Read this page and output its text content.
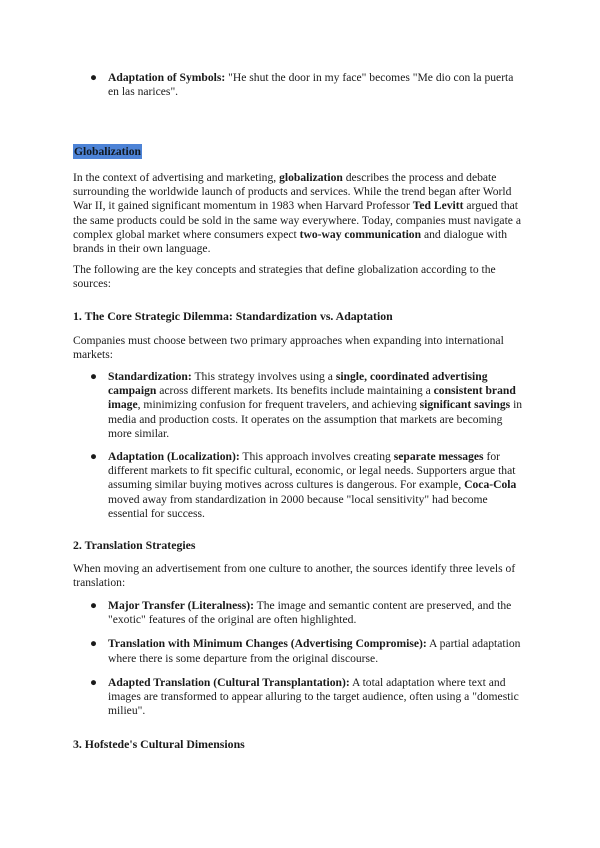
● Adaptation of Symbols: "He shut the door in my face" becomes "Me dio con la puerta en las narices".
Globalization

In the context of advertising and marketing, globalization describes the process and debate surrounding the worldwide launch of products and services. While the trend began after World War II, it gained significant momentum in 1983 when Harvard Professor Ted Levitt argued that the same products could be sold in the same way everywhere. Today, companies must navigate a complex global market where consumers expect two-way communication and dialogue with brands in their own language.

The following are the key concepts and strategies that define globalization according to the sources:

1. The Core Strategic Dilemma: Standardization vs. Adaptation

Companies must choose between two primary approaches when expanding into international markets:

● Standardization: This strategy involves using a single, coordinated advertising campaign across different markets. Its benefits include maintaining a consistent brand image, minimizing confusion for frequent travelers, and achieving significant savings in media and production costs. It operates on the assumption that markets are becoming more similar.
● Adaptation (Localization): This approach involves creating separate messages for different markets to fit specific cultural, economic, or legal needs. Supporters argue that assuming similar buying motives across cultures is dangerous. For example, Coca-Cola moved away from standardization in 2000 because "local sensitivity" had become essential for success.
2. Translation Strategies

When moving an advertisement from one culture to another, the sources identify three levels of translation:

● Major Transfer (Literalness): The image and semantic content are preserved, and the "exotic" features of the original are often highlighted.
● Translation with Minimum Changes (Advertising Compromise): A partial adaptation where there is some departure from the original discourse.
● Adapted Translation (Cultural Transplantation): A total adaptation where text and images are transformed to appear alluring to the target audience, often using a "domestic milieu".
3. Hofstede's Cultural Dimensions
